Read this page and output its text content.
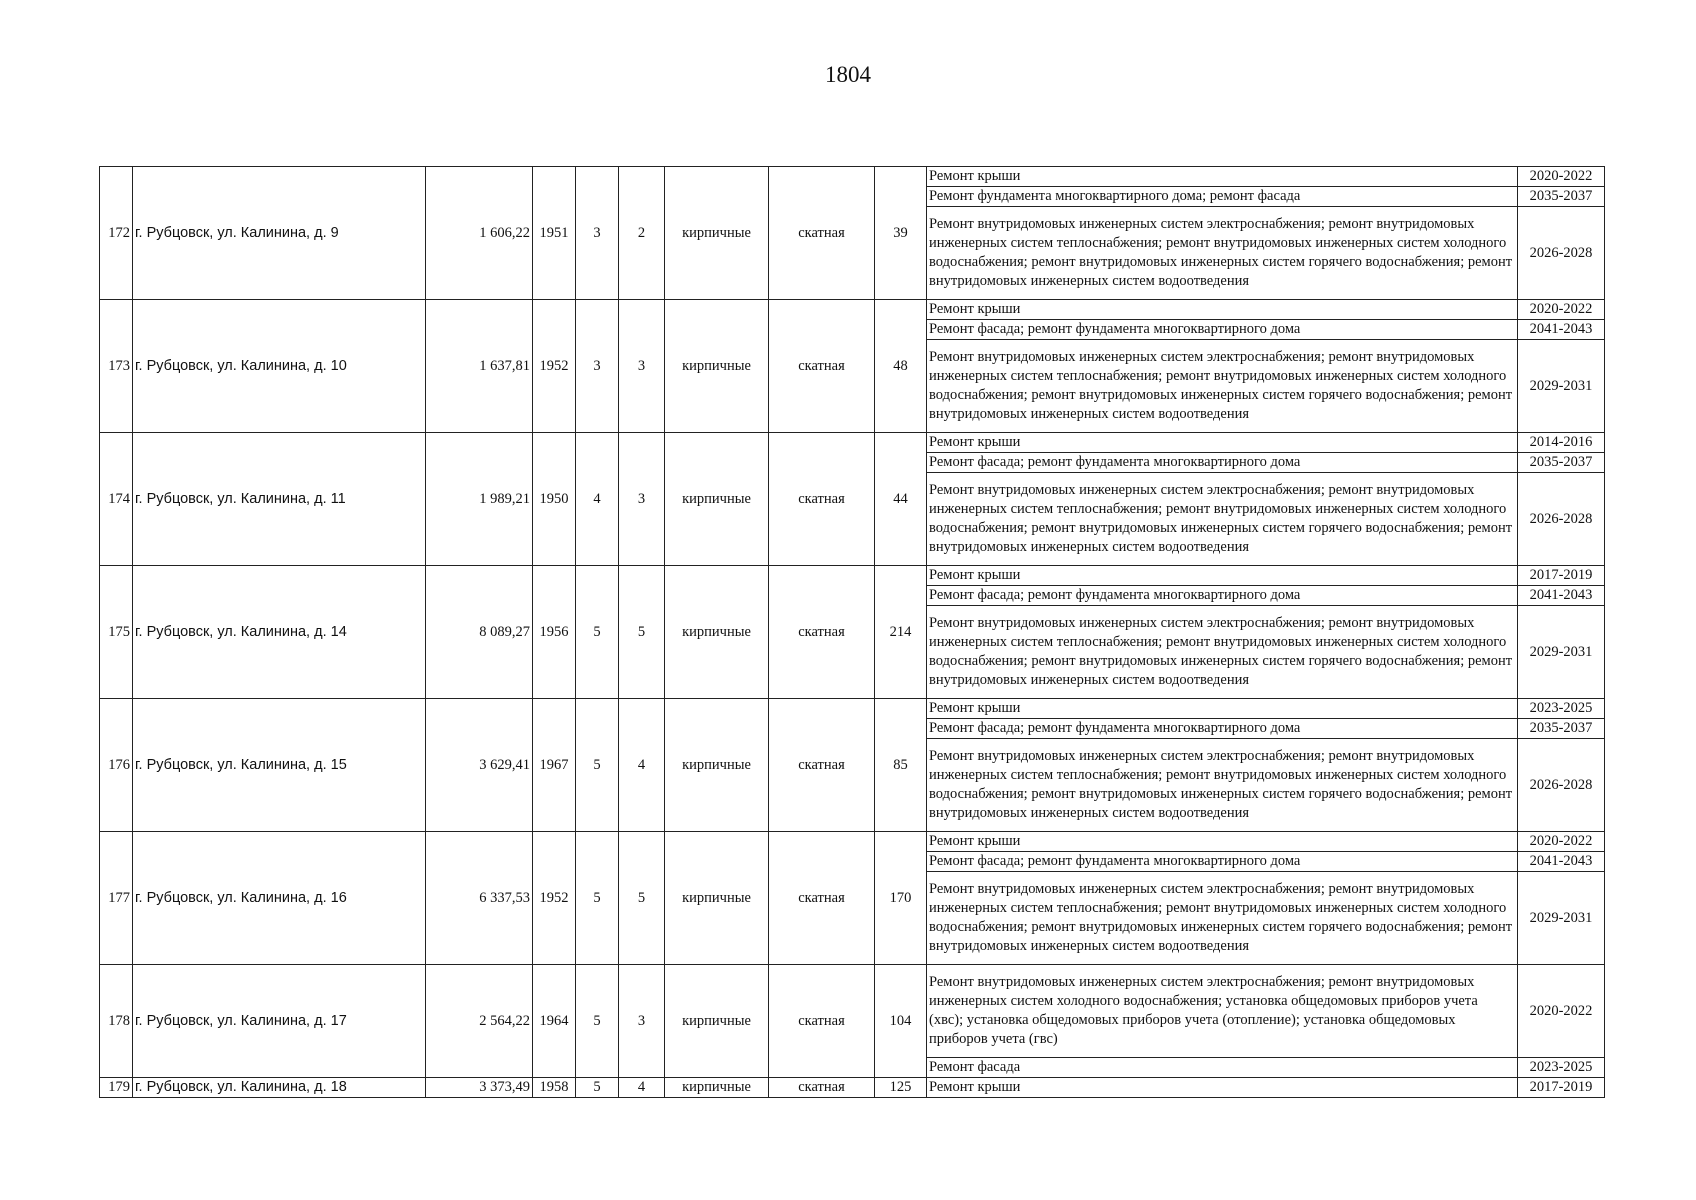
1804
172	г. Рубцовск, ул. Калинина, д. 9	1 606,22	1951	3	2	кирпичные	скатная	39	Ремонт крыши	2020-2022
									Ремонт фундамента многоквартирного дома; ремонт фасада	2035-2037
									Ремонт внутридомовых инженерных систем электроснабжения; ремонт внутридомовых инженерных систем теплоснабжения; ремонт внутридомовых инженерных систем холодного водоснабжения; ремонт внутридомовых инженерных систем горячего водоснабжения; ремонт внутридомовых инженерных систем водоотведения	2026-2028
173	г. Рубцовск, ул. Калинина, д. 10	1 637,81	1952	3	3	кирпичные	скатная	48	Ремонт крыши	2020-2022
									Ремонт фасада; ремонт фундамента многоквартирного дома	2041-2043
									Ремонт внутридомовых инженерных систем электроснабжения; ремонт внутридомовых инженерных систем теплоснабжения; ремонт внутридомовых инженерных систем холодного водоснабжения; ремонт внутридомовых инженерных систем горячего водоснабжения; ремонт внутридомовых инженерных систем водоотведения	2029-2031
174	г. Рубцовск, ул. Калинина, д. 11	1 989,21	1950	4	3	кирпичные	скатная	44	Ремонт крыши	2014-2016
									Ремонт фасада; ремонт фундамента многоквартирного дома	2035-2037
									Ремонт внутридомовых инженерных систем электроснабжения; ремонт внутридомовых инженерных систем теплоснабжения; ремонт внутридомовых инженерных систем холодного водоснабжения; ремонт внутридомовых инженерных систем горячего водоснабжения; ремонт внутридомовых инженерных систем водоотведения	2026-2028
175	г. Рубцовск, ул. Калинина, д. 14	8 089,27	1956	5	5	кирпичные	скатная	214	Ремонт крыши	2017-2019
									Ремонт фасада; ремонт фундамента многоквартирного дома	2041-2043
									Ремонт внутридомовых инженерных систем электроснабжения; ремонт внутридомовых инженерных систем теплоснабжения; ремонт внутридомовых инженерных систем холодного водоснабжения; ремонт внутридомовых инженерных систем горячего водоснабжения; ремонт внутридомовых инженерных систем водоотведения	2029-2031
176	г. Рубцовск, ул. Калинина, д. 15	3 629,41	1967	5	4	кирпичные	скатная	85	Ремонт крыши	2023-2025
									Ремонт фасада; ремонт фундамента многоквартирного дома	2035-2037
									Ремонт внутридомовых инженерных систем электроснабжения; ремонт внутридомовых инженерных систем теплоснабжения; ремонт внутридомовых инженерных систем холодного водоснабжения; ремонт внутридомовых инженерных систем горячего водоснабжения; ремонт внутридомовых инженерных систем водоотведения	2026-2028
177	г. Рубцовск, ул. Калинина, д. 16	6 337,53	1952	5	5	кирпичные	скатная	170	Ремонт крыши	2020-2022
									Ремонт фасада; ремонт фундамента многоквартирного дома	2041-2043
									Ремонт внутридомовых инженерных систем электроснабжения; ремонт внутридомовых инженерных систем теплоснабжения; ремонт внутридомовых инженерных систем холодного водоснабжения; ремонт внутридомовых инженерных систем горячего водоснабжения; ремонт внутридомовых инженерных систем водоотведения	2029-2031
178	г. Рубцовск, ул. Калинина, д. 17	2 564,22	1964	5	3	кирпичные	скатная	104	Ремонт внутридомовых инженерных систем электроснабжения; ремонт внутридомовых инженерных систем холодного водоснабжения; установка общедомовых приборов учета (хвс); установка общедомовых приборов учета (отопление); установка общедомовых приборов учета (гвс)	2020-2022
									Ремонт фасада	2023-2025
179	г. Рубцовск, ул. Калинина, д. 18	3 373,49	1958	5	4	кирпичные	скатная	125	Ремонт крыши	2017-2019
